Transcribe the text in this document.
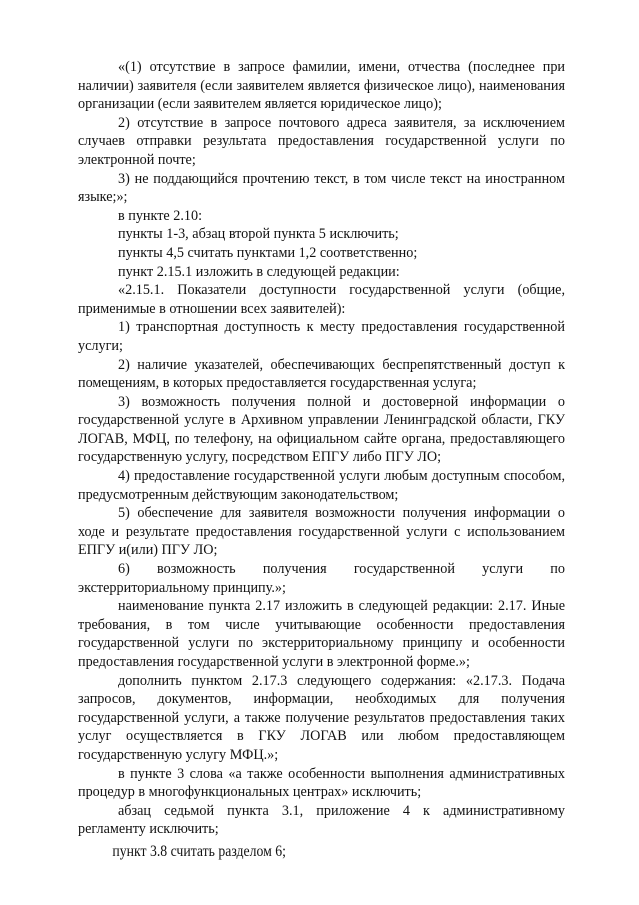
«(1) отсутствие в запросе фамилии, имени, отчества (последнее при наличии) заявителя (если заявителем является физическое лицо), наименования организации (если заявителем является юридическое лицо);

2) отсутствие в запросе почтового адреса заявителя, за исключением случаев отправки результата предоставления государственной услуги по электронной почте;

3) не поддающийся прочтению текст, в том числе текст на иностранном языке;»;

в пункте 2.10:

пункты 1-3, абзац второй пункта 5 исключить;

пункты 4,5 считать пунктами 1,2 соответственно;

пункт 2.15.1 изложить в следующей редакции:

«2.15.1. Показатели доступности государственной услуги (общие, применимые в отношении всех заявителей):

1) транспортная доступность к месту предоставления государственной услуги;

2) наличие указателей, обеспечивающих беспрепятственный доступ к помещениям, в которых предоставляется государственная услуга;

3) возможность получения полной и достоверной информации о государственной услуге в Архивном управлении Ленинградской области, ГКУ ЛОГАВ, МФЦ, по телефону, на официальном сайте органа, предоставляющего государственную услугу, посредством ЕПГУ либо ПГУ ЛО;

4) предоставление государственной услуги любым доступным способом, предусмотренным действующим законодательством;

5) обеспечение для заявителя возможности получения информации о ходе и результате предоставления государственной услуги с использованием ЕПГУ и(или) ПГУ ЛО;

6) возможность получения государственной услуги по экстерриториальному принципу.»;

наименование пункта 2.17 изложить в следующей редакции: 2.17. Иные требования, в том числе учитывающие особенности предоставления государственной услуги по экстерриториальному принципу и особенности предоставления государственной услуги в электронной форме.»;

дополнить пунктом 2.17.3 следующего содержания: «2.17.3. Подача запросов, документов, информации, необходимых для получения государственной услуги, а также получение результатов предоставления таких услуг осуществляется в ГКУ ЛОГАВ или любом предоставляющем государственную услугу МФЦ.»;

в пункте 3 слова «а также особенности выполнения административных процедур в многофункциональных центрах» исключить;

абзац седьмой пункта 3.1, приложение 4 к административному регламенту исключить;

пункт 3.8 считать разделом 6;
